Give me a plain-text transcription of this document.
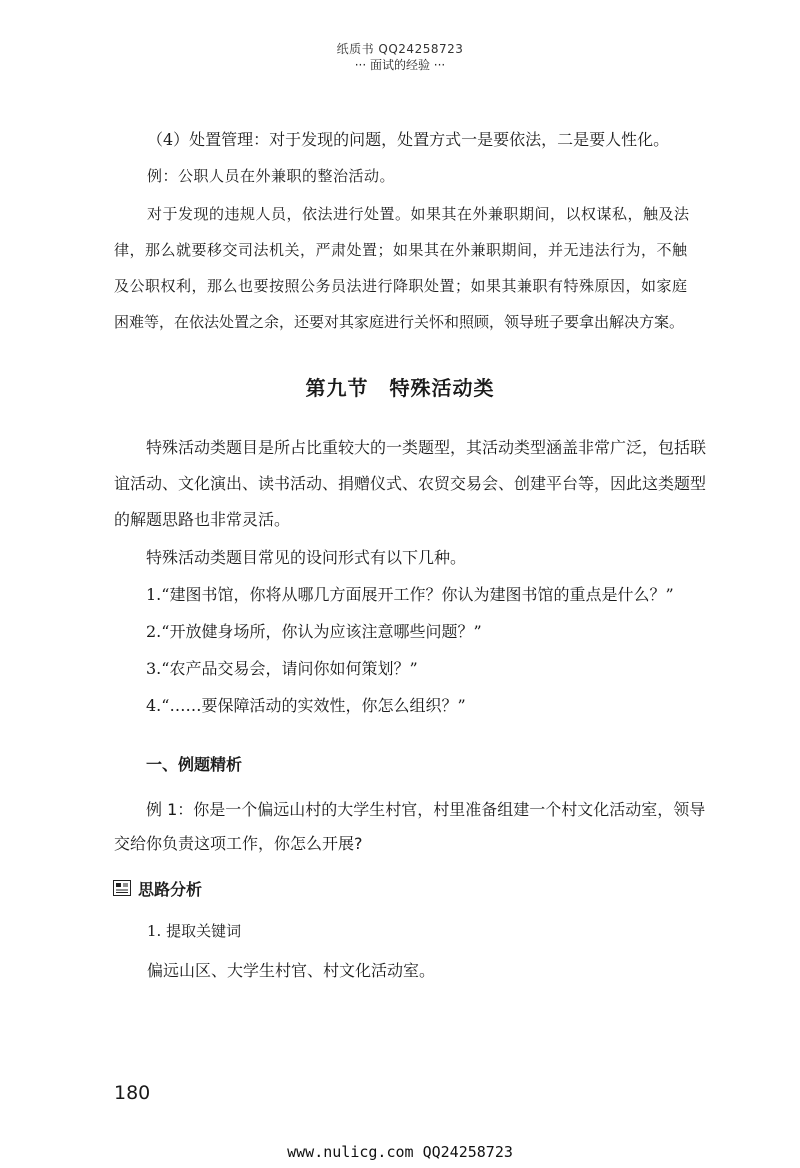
纸质书 QQ24258723
··· 面试的经验 ···

（4）处置管理：对于发现的问题，处置方式一是要依法，二是要人性化。

例：公职人员在外兼职的整治活动。

对于发现的违规人员，依法进行处置。如果其在外兼职期间，以权谋私，触及法
律，那么就要移交司法机关，严肃处置；如果其在外兼职期间，并无违法行为，不触
及公职权利，那么也要按照公务员法进行降职处置；如果其兼职有特殊原因，如家庭
困难等，在依法处置之余，还要对其家庭进行关怀和照顾，领导班子要拿出解决方案。
第九节　特殊活动类
特殊活动类题目是所占比重较大的一类题型，其活动类型涵盖非常广泛，包括联
谊活动、文化演出、读书活动、捐赠仪式、农贸交易会、创建平台等，因此这类题型
的解题思路也非常灵活。

特殊活动类题目常见的设问形式有以下几种。

1.“建图书馆，你将从哪几方面展开工作？你认为建图书馆的重点是什么？”
2.“开放健身场所，你认为应该注意哪些问题？”
3.“农产品交易会，请问你如何策划？”
4.“……要保障活动的实效性，你怎么组织？”
一、例题精析
例 1：你是一个偏远山村的大学生村官，村里准备组建一个村文化活动室，领导
交给你负责这项工作，你怎么开展?
思路分析
1. 提取关键词
偏远山区、大学生村官、村文化活动室。
180
www.nulicg.com QQ24258723
